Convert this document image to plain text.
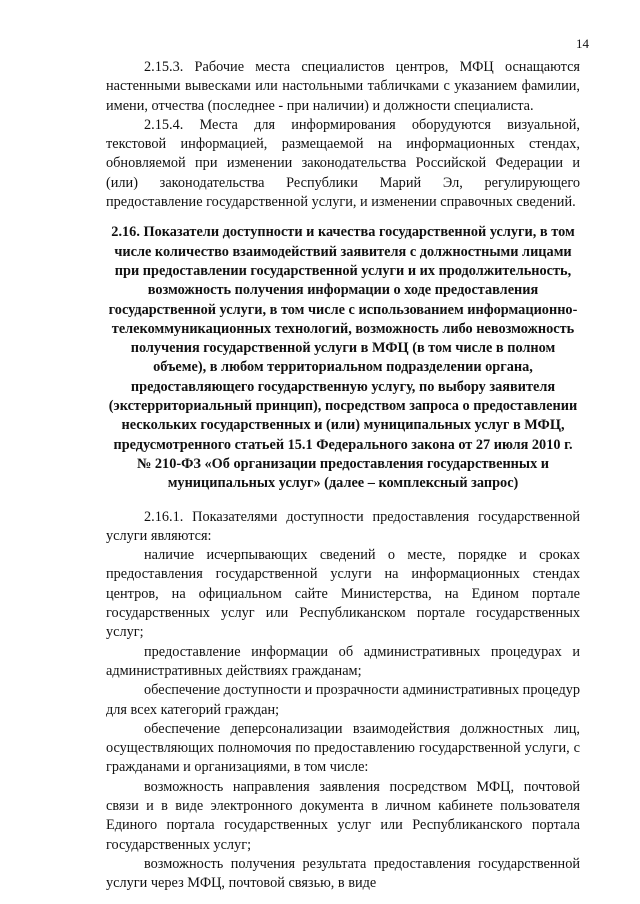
14

2.15.3. Рабочие места специалистов центров, МФЦ оснащаются настенными вывесками или настольными табличками с указанием фамилии, имени, отчества (последнее - при наличии) и должности специалиста.

2.15.4. Места для информирования оборудуются визуальной, текстовой информацией, размещаемой на информационных стендах, обновляемой при изменении законодательства Российской Федерации и (или) законодательства Республики Марий Эл, регулирующего предоставление государственной услуги, и изменении справочных сведений.

2.16. Показатели доступности и качества государственной услуги, в том числе количество взаимодействий заявителя с должностными лицами при предоставлении государственной услуги и их продолжительность, возможность получения информации о ходе предоставления государственной услуги, в том числе с использованием информационно-телекоммуникационных технологий, возможность либо невозможность получения государственной услуги в МФЦ (в том числе в полном объеме), в любом территориальном подразделении органа, предоставляющего государственную услугу, по выбору заявителя (экстерриториальный принцип), посредством запроса о предоставлении нескольких государственных и (или) муниципальных услуг в МФЦ, предусмотренного статьей 15.1 Федерального закона от 27 июля 2010 г. № 210-ФЗ «Об организации предоставления государственных и муниципальных услуг» (далее – комплексный запрос)

2.16.1. Показателями доступности предоставления государственной услуги являются:

наличие исчерпывающих сведений о месте, порядке и сроках предоставления государственной услуги на информационных стендах центров, на официальном сайте Министерства, на Едином портале государственных услуг или Республиканском портале государственных услуг;

предоставление информации об административных процедурах и административных действиях гражданам;

обеспечение доступности и прозрачности административных процедур для всех категорий граждан;

обеспечение деперсонализации взаимодействия должностных лиц, осуществляющих полномочия по предоставлению государственной услуги, с гражданами и организациями, в том числе:

возможность направления заявления посредством МФЦ, почтовой связи и в виде электронного документа в личном кабинете пользователя Единого портала государственных услуг или Республиканского портала государственных услуг;

возможность получения результата предоставления государственной услуги через МФЦ, почтовой связью, в виде
